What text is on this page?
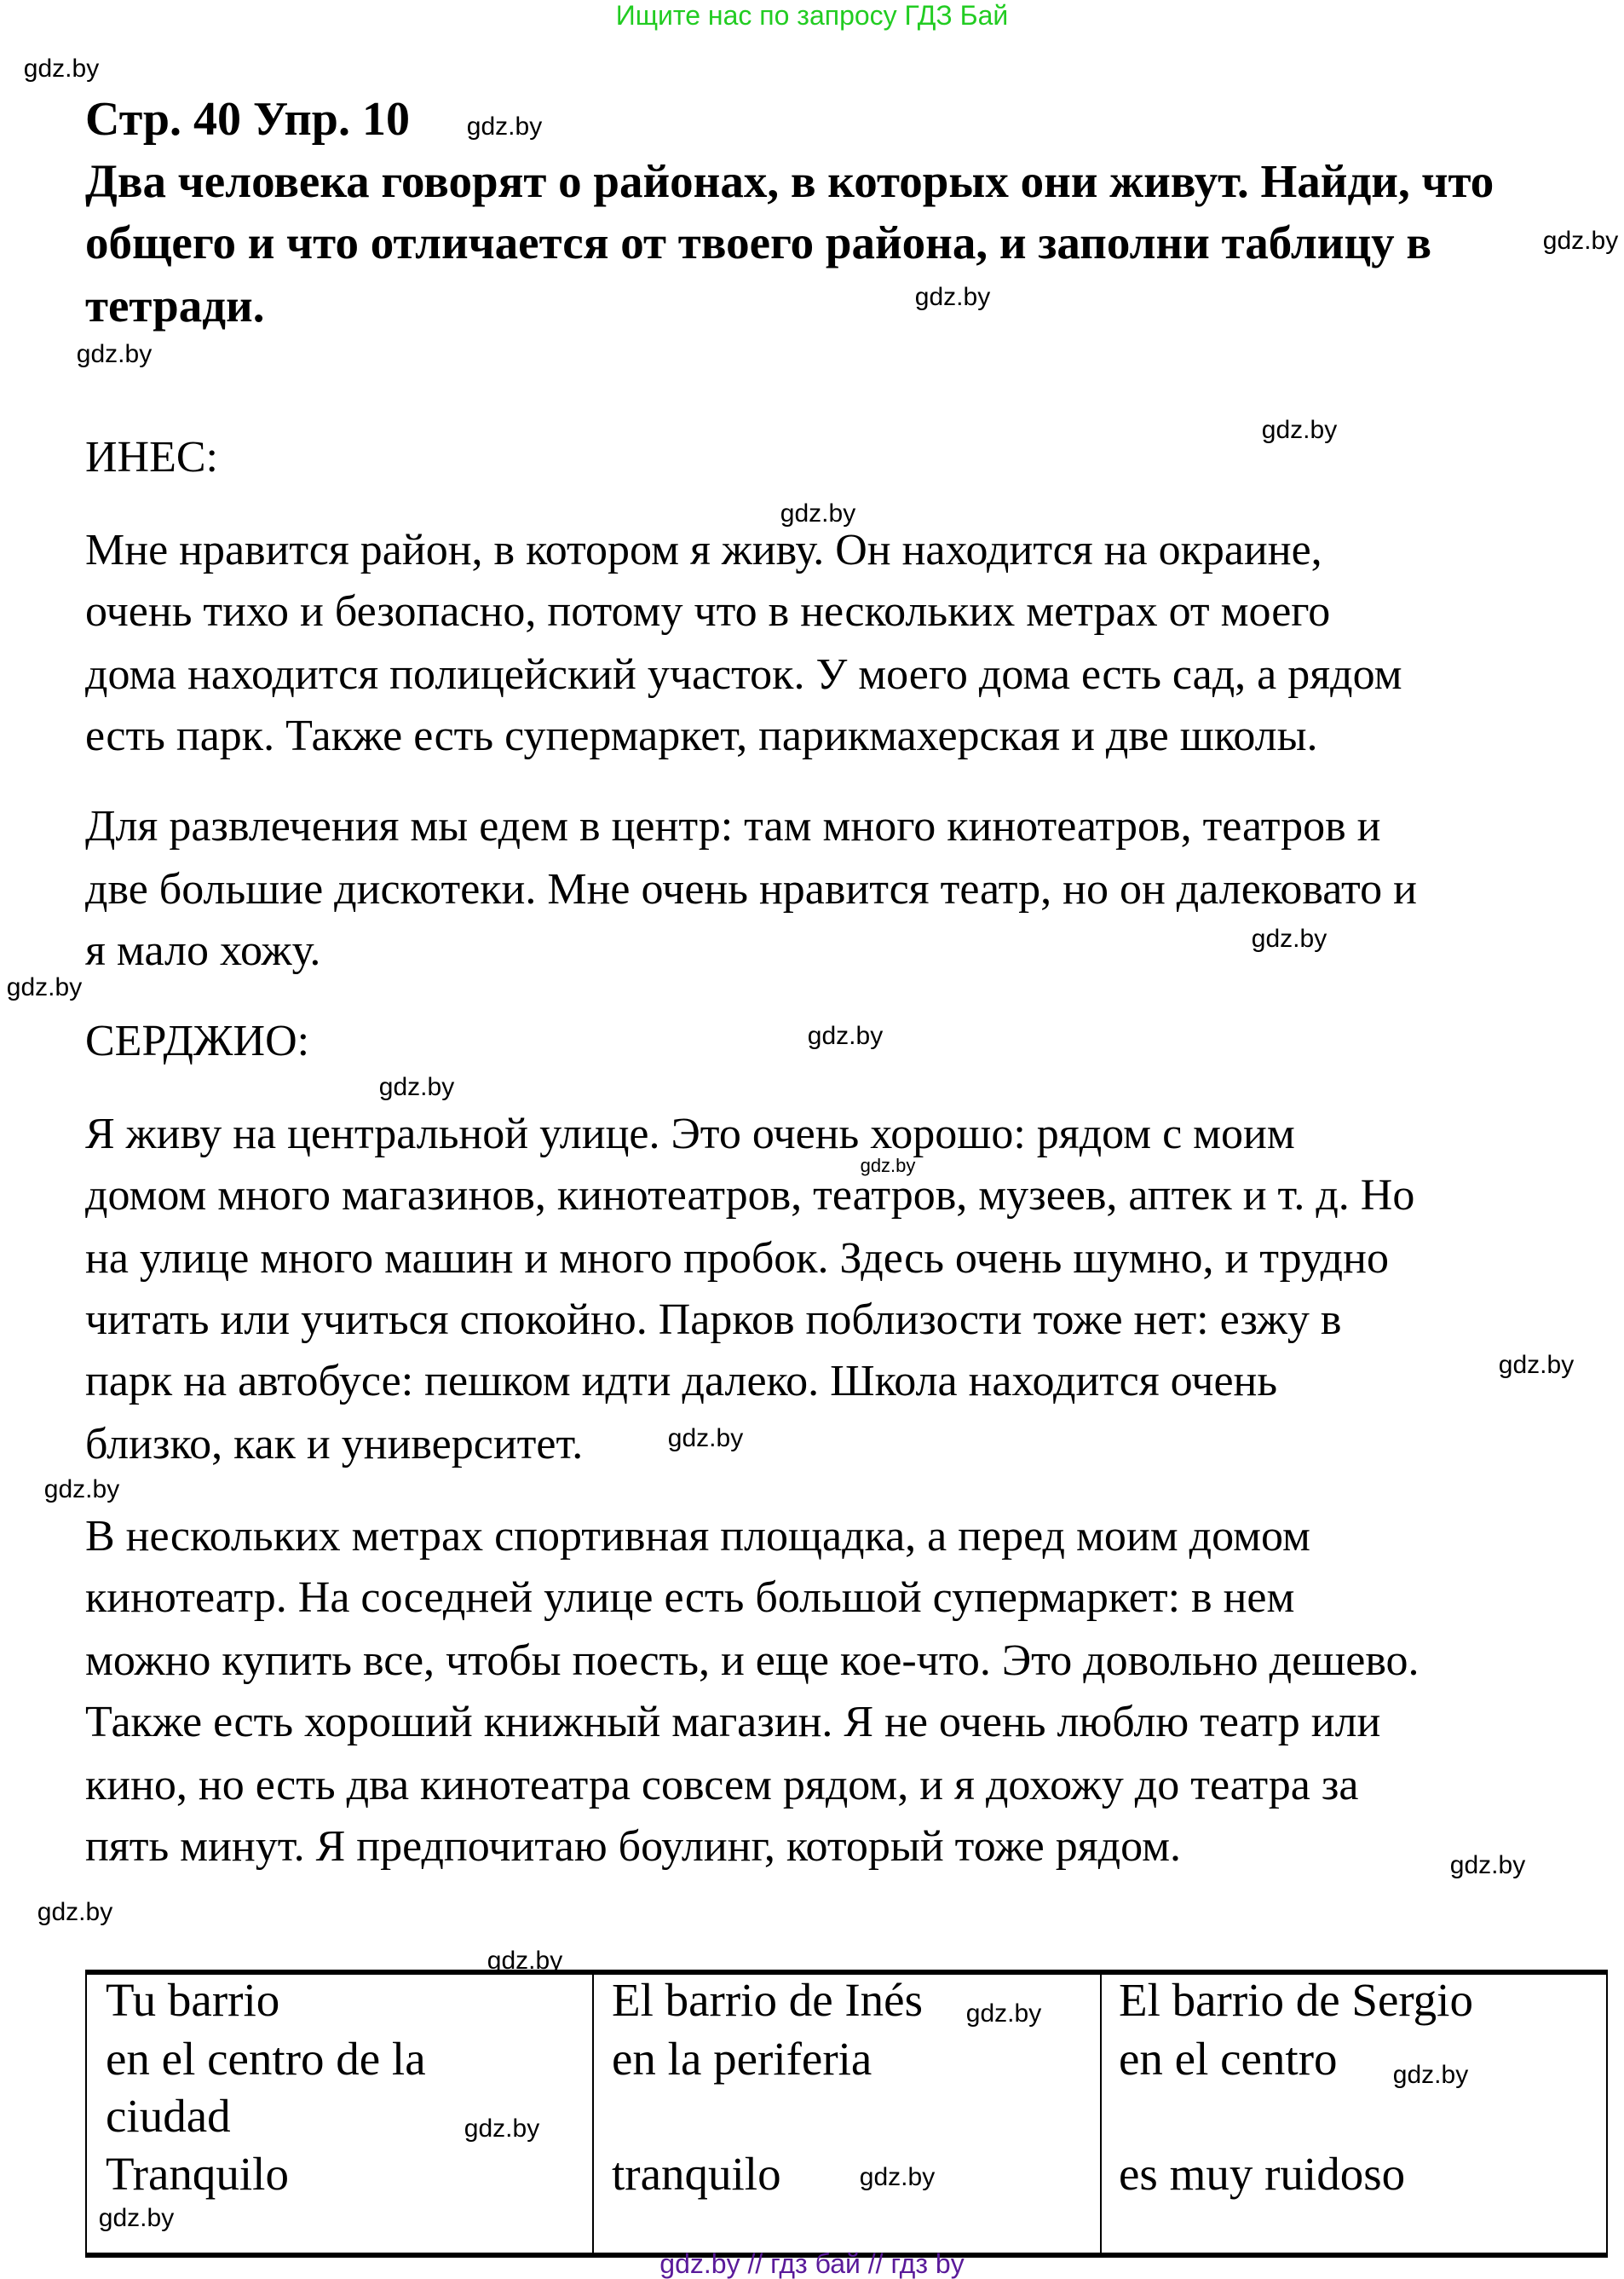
Ищите нас по запросу ГДЗ Бай
Стр. 40 Упр. 10
Два человека говорят о районах, в которых они живут. Найди, что
общего и что отличается от твоего района, и заполни таблицу в
тетради.
ИНЕС:
Мне нравится район, в котором я живу. Он находится на окраине,
очень тихо и безопасно, потому что в нескольких метрах от моего
дома находится полицейский участок. У моего дома есть сад, а рядом
есть парк. Также есть супермаркет, парикмахерская и две школы.
Для развлечения мы едем в центр: там много кинотеатров, театров и
две большие дискотеки. Мне очень нравится театр, но он далековато и
я мало хожу.
СЕРДЖИО:
Я живу на центральной улице. Это очень хорошо: рядом с моим
домом много магазинов, кинотеатров, театров, музеев, аптек и т. д. Но
на улице много машин и много пробок. Здесь очень шумно, и трудно
читать или учиться спокойно. Парков поблизости тоже нет: езжу в
парк на автобусе: пешком идти далеко. Школа находится очень
близко, как и университет.
В нескольких метрах спортивная площадка, а перед моим домом
кинотеатр. На соседней улице есть большой супермаркет: в нем
можно купить все, чтобы поесть, и еще кое-что. Это довольно дешево.
Также есть хороший книжный магазин. Я не очень люблю театр или
кино, но есть два кинотеатра совсем рядом, и я дохожу до театра за
пять минут. Я предпочитаю боулинг, который тоже рядом.
Tu barrio
en el centro de la
ciudad
Tranquilo
El barrio de Inés
en la periferia
tranquilo
El barrio de Sergio
en el centro
es muy ruidoso
gdz.by
gdz.by
gdz.by
gdz.by
gdz.by
gdz.by
gdz.by
gdz.by
gdz.by
gdz.by
gdz.by
gdz.by
gdz.by
gdz.by
gdz.by
gdz.by
gdz.by
gdz.by
gdz.by
gdz.by
gdz.by
gdz.by
gdz.by
gdz.by // гдз бай // гдз by
